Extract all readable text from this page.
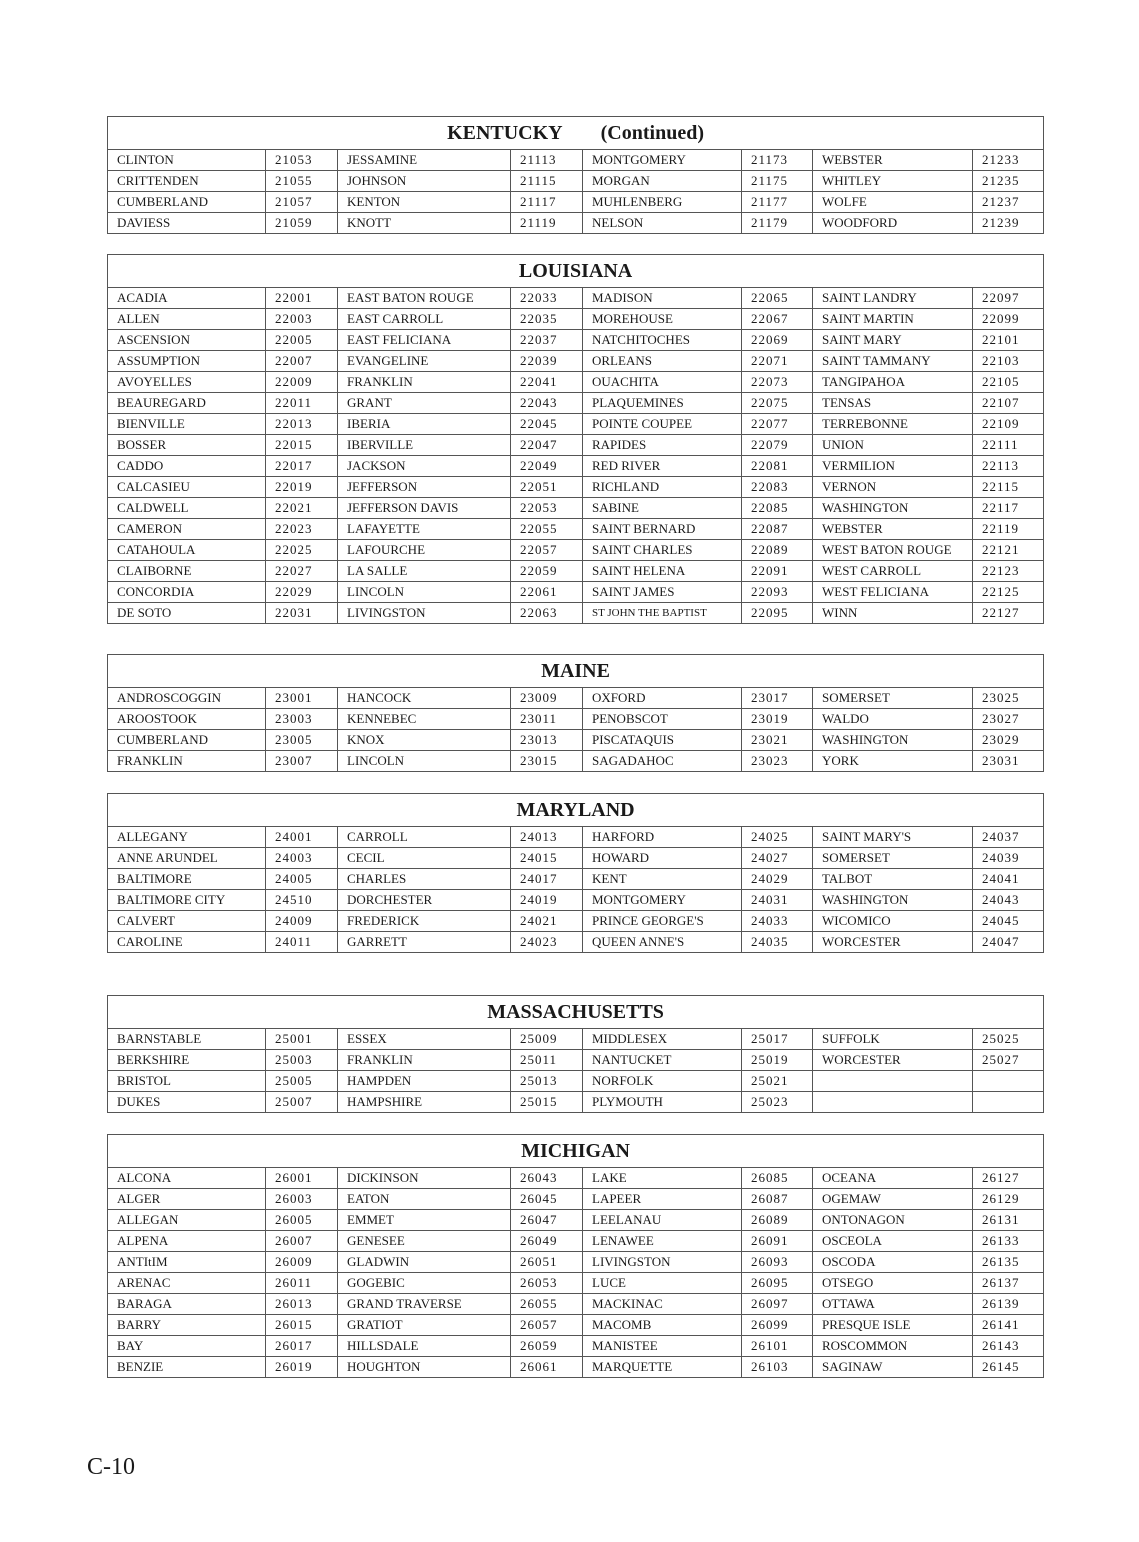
KENTUCKY (Continued)							
CLINTON	21053	JESSAMINE	21113	MONTGOMERY	21173	WEBSTER	21233
CRITTENDEN	21055	JOHNSON	21115	MORGAN	21175	WHITLEY	21235
CUMBERLAND	21057	KENTON	21117	MUHLENBERG	21177	WOLFE	21237
DAVIESS	21059	KNOTT	21119	NELSON	21179	WOODFORD	21239
LOUISIANA							
ACADIA	22001	EAST BATON ROUGE	22033	MADISON	22065	SAINT LANDRY	22097
ALLEN	22003	EAST CARROLL	22035	MOREHOUSE	22067	SAINT MARTIN	22099
ASCENSION	22005	EAST FELICIANA	22037	NATCHITOCHES	22069	SAINT MARY	22101
ASSUMPTION	22007	EVANGELINE	22039	ORLEANS	22071	SAINT TAMMANY	22103
AVOYELLES	22009	FRANKLIN	22041	OUACHITA	22073	TANGIPAHOA	22105
BEAUREGARD	22011	GRANT	22043	PLAQUEMINES	22075	TENSAS	22107
BIENVILLE	22013	IBERIA	22045	POINTE COUPEE	22077	TERREBONNE	22109
BOSSER	22015	IBERVILLE	22047	RAPIDES	22079	UNION	22111
CADDO	22017	JACKSON	22049	RED RIVER	22081	VERMILION	22113
CALCASIEU	22019	JEFFERSON	22051	RICHLAND	22083	VERNON	22115
CALDWELL	22021	JEFFERSON DAVIS	22053	SABINE	22085	WASHINGTON	22117
CAMERON	22023	LAFAYETTE	22055	SAINT BERNARD	22087	WEBSTER	22119
CATAHOULA	22025	LAFOURCHE	22057	SAINT CHARLES	22089	WEST BATON ROUGE	22121
CLAIBORNE	22027	LA SALLE	22059	SAINT HELENA	22091	WEST CARROLL	22123
CONCORDIA	22029	LINCOLN	22061	SAINT JAMES	22093	WEST FELICIANA	22125
DE SOTO	22031	LIVINGSTON	22063	ST JOHN THE BAPTIST	22095	WINN	22127
MAINE							
ANDROSCOGGIN	23001	HANCOCK	23009	OXFORD	23017	SOMERSET	23025
AROOSTOOK	23003	KENNEBEC	23011	PENOBSCOT	23019	WALDO	23027
CUMBERLAND	23005	KNOX	23013	PISCATAQUIS	23021	WASHINGTON	23029
FRANKLIN	23007	LINCOLN	23015	SAGADAHOC	23023	YORK	23031
MARYLAND							
ALLEGANY	24001	CARROLL	24013	HARFORD	24025	SAINT MARY'S	24037
ANNE ARUNDEL	24003	CECIL	24015	HOWARD	24027	SOMERSET	24039
BALTIMORE	24005	CHARLES	24017	KENT	24029	TALBOT	24041
BALTIMORE CITY	24510	DORCHESTER	24019	MONTGOMERY	24031	WASHINGTON	24043
CALVERT	24009	FREDERICK	24021	PRINCE GEORGE'S	24033	WICOMICO	24045
CAROLINE	24011	GARRETT	24023	QUEEN ANNE'S	24035	WORCESTER	24047
MASSACHUSETTS							
BARNSTABLE	25001	ESSEX	25009	MIDDLESEX	25017	SUFFOLK	25025
BERKSHIRE	25003	FRANKLIN	25011	NANTUCKET	25019	WORCESTER	25027
BRISTOL	25005	HAMPDEN	25013	NORFOLK	25021		
DUKES	25007	HAMPSHIRE	25015	PLYMOUTH	25023		
MICHIGAN							
ALCONA	26001	DICKINSON	26043	LAKE	26085	OCEANA	26127
ALGER	26003	EATON	26045	LAPEER	26087	OGEMAW	26129
ALLEGAN	26005	EMMET	26047	LEELANAU	26089	ONTONAGON	26131
ALPENA	26007	GENESEE	26049	LENAWEE	26091	OSCEOLA	26133
ANTItIM	26009	GLADWIN	26051	LIVINGSTON	26093	OSCODA	26135
ARENAC	26011	GOGEBIC	26053	LUCE	26095	OTSEGO	26137
BARAGA	26013	GRAND TRAVERSE	26055	MACKINAC	26097	OTTAWA	26139
BARRY	26015	GRATIOT	26057	MACOMB	26099	PRESQUE ISLE	26141
BAY	26017	HILLSDALE	26059	MANISTEE	26101	ROSCOMMON	26143
BENZIE	26019	HOUGHTON	26061	MARQUETTE	26103	SAGINAW	26145
C-10
